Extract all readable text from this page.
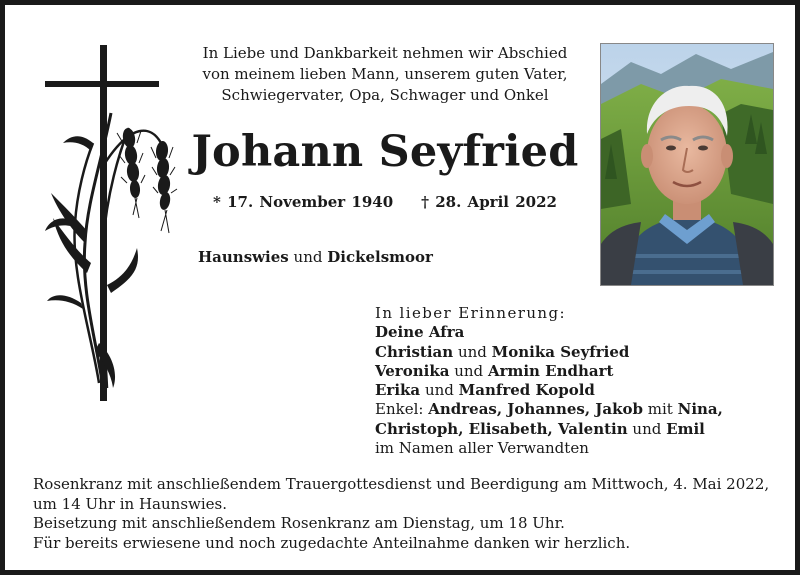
In Liebe und Dankbarkeit nehmen wir Abschied
von meinem lieben Mann, unserem guten Vater,
Schwiegervater, Opa, Schwager und Onkel
Johann Seyfried
* 17. November 1940 † 28. April 2022
Haunswies und Dickelsmoor
In lieber Erinnerung:
Deine Afra
Christian und Monika Seyfried
Veronika und Armin Endhart
Erika und Manfred Kopold
Enkel: Andreas, Johannes, Jakob mit Nina,
Christoph, Elisabeth, Valentin und Emil
im Namen aller Verwandten
Rosenkranz mit anschließendem Trauergottesdienst und Beerdigung am Mittwoch, 4. Mai 2022,
um 14 Uhr in Haunswies.
Beisetzung mit anschließendem Rosenkranz am Dienstag, um 18 Uhr.
Für bereits erwiesene und noch zugedachte Anteilnahme danken wir herzlich.
